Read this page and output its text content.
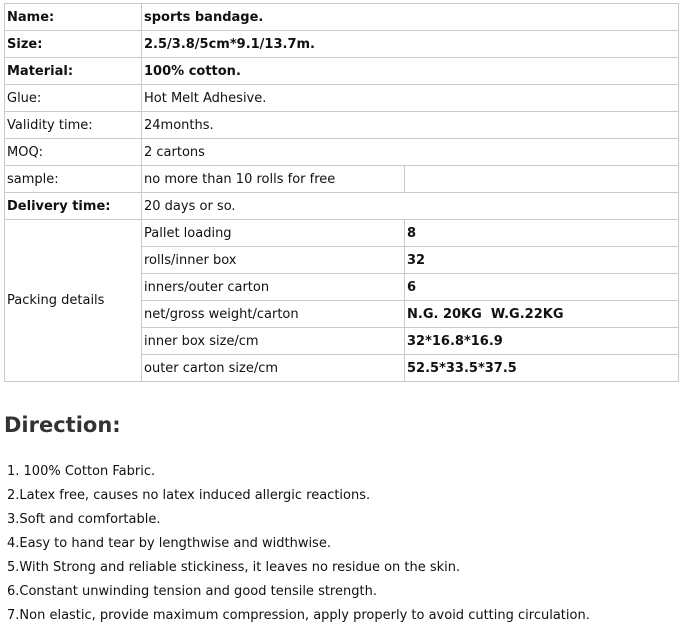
Name:	sports bandage.	
Size:	2.5/3.8/5cm*9.1/13.7m.	
Material:	100% cotton.	
Glue:	Hot Melt Adhesive.	
Validity time:	24months.	
MOQ:	2 cartons	
sample:	no more than 10 rolls for free	
Delivery time:	20 days or so.	
Packing details	Pallet loading	8
	rolls/inner box	32
	inners/outer carton	6
	net/gross weight/carton	N.G. 20KG  W.G.22KG
	inner box size/cm	32*16.8*16.9
	outer carton size/cm	52.5*33.5*37.5
Direction:
1. 100% Cotton Fabric.
2.Latex free, causes no latex induced allergic reactions.
3.Soft and comfortable.
4.Easy to hand tear by lengthwise and widthwise.
5.With Strong and reliable stickiness, it leaves no residue on the skin.
6.Constant unwinding tension and good tensile strength.
7.Non elastic, provide maximum compression, apply properly to avoid cutting circulation.
